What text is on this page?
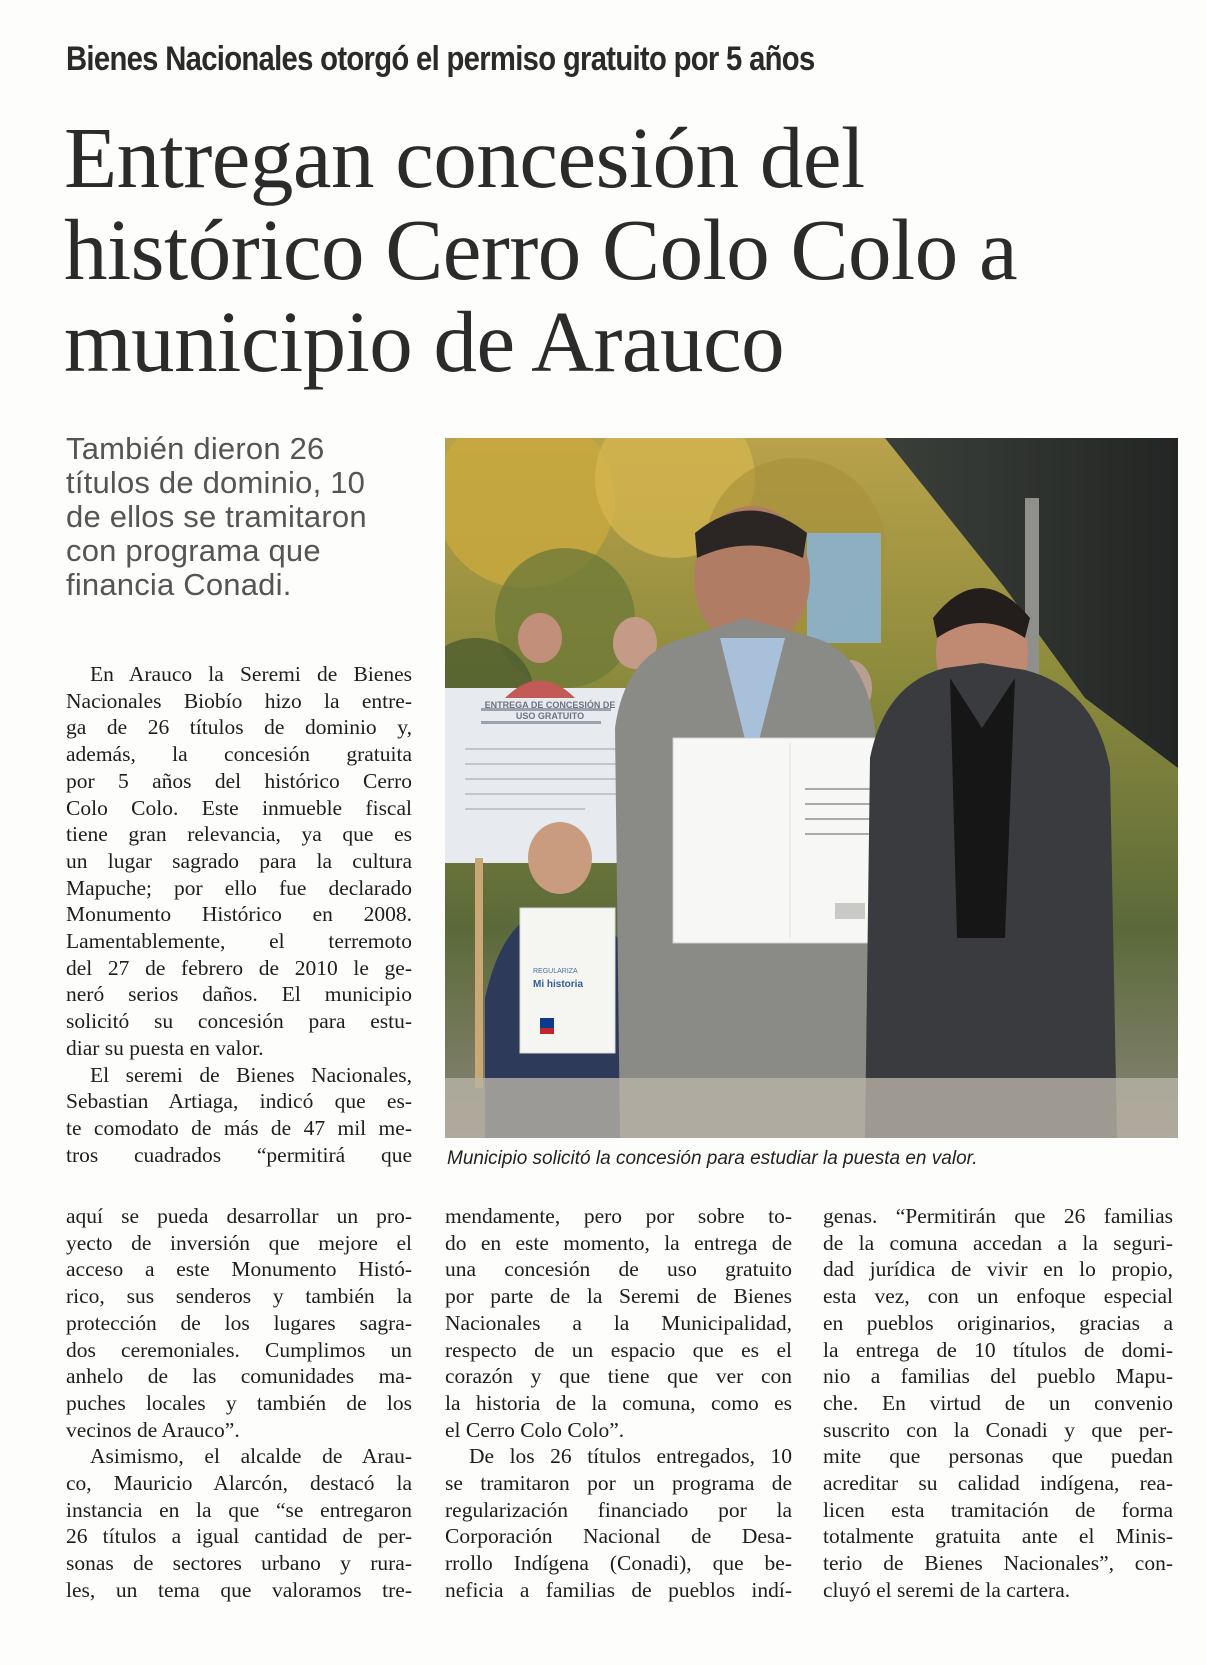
Bienes Nacionales otorgó el permiso gratuito por 5 años
Entregan concesión del
histórico Cerro Colo Colo a
municipio de Arauco
También dieron 26
títulos de dominio, 10
de ellos se tramitaron
con programa que
financia Conadi.

En Arauco la Seremi de Bienes
Nacionales Biobío hizo la entre-
ga de 26 títulos de dominio y,
además, la concesión gratuita
por 5 años del histórico Cerro
Colo Colo. Este inmueble fiscal
tiene gran relevancia, ya que es
un lugar sagrado para la cultura
Mapuche; por ello fue declarado
Monumento Histórico en 2008.
Lamentablemente, el terremoto
del 27 de febrero de 2010 le ge-
neró serios daños. El municipio
solicitó su concesión para estu-
diar su puesta en valor.

El seremi de Bienes Nacionales,
Sebastian Artiaga, indicó que es-
te comodato de más de 47 mil me-
tros cuadrados “permitirá que

ENTREGA DE CONCESIÓN DE USO GRATUITO
REGULARIZA
Mi historia
Municipio solicitó la concesión para estudiar la puesta en valor.

aquí se pueda desarrollar un pro-
yecto de inversión que mejore el
acceso a este Monumento Histó-
rico, sus senderos y también la
protección de los lugares sagra-
dos ceremoniales. Cumplimos un
anhelo de las comunidades ma-
puches locales y también de los
vecinos de Arauco”.

Asimismo, el alcalde de Arau-
co, Mauricio Alarcón, destacó la
instancia en la que “se entregaron
26 títulos a igual cantidad de per-
sonas de sectores urbano y rura-
les, un tema que valoramos tre-

mendamente, pero por sobre to-
do en este momento, la entrega de
una concesión de uso gratuito
por parte de la Seremi de Bienes
Nacionales a la Municipalidad,
respecto de un espacio que es el
corazón y que tiene que ver con
la historia de la comuna, como es
el Cerro Colo Colo”.

De los 26 títulos entregados, 10
se tramitaron por un programa de
regularización financiado por la
Corporación Nacional de Desa-
rrollo Indígena (Conadi), que be-
neficia a familias de pueblos indí-

genas. “Permitirán que 26 familias
de la comuna accedan a la seguri-
dad jurídica de vivir en lo propio,
esta vez, con un enfoque especial
en pueblos originarios, gracias a
la entrega de 10 títulos de domi-
nio a familias del pueblo Mapu-
che. En virtud de un convenio
suscrito con la Conadi y que per-
mite que personas que puedan
acreditar su calidad indígena, rea-
licen esta tramitación de forma
totalmente gratuita ante el Minis-
terio de Bienes Nacionales”, con-
cluyó el seremi de la cartera.
